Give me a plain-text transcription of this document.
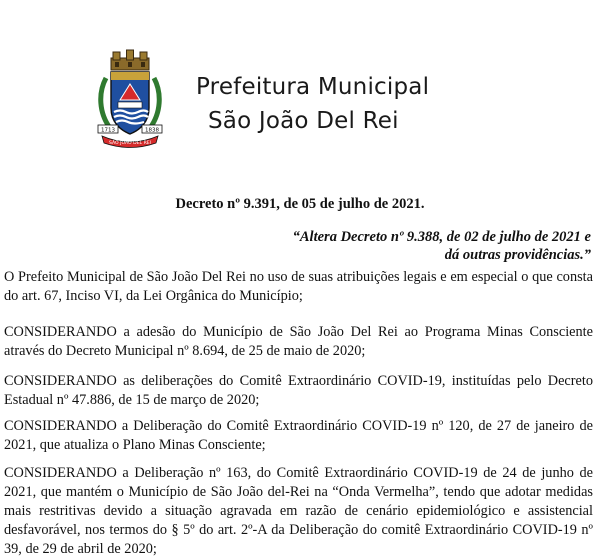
1713	1838
SÃO JOÃO DEL REI
Prefeitura Municipal
São João Del Rei
Decreto nº 9.391, de 05 de julho de 2021.
“Altera Decreto nº 9.388, de 02 de julho de 2021 e dá outras providências.”
O Prefeito Municipal de São João Del Rei no uso de suas atribuições legais e em especial o que consta do art. 67, Inciso VI, da Lei Orgânica do Município;
CONSIDERANDO a adesão do Município de São João Del Rei ao Programa Minas Consciente através do Decreto Municipal nº 8.694, de 25 de maio de 2020;
CONSIDERANDO as deliberações do Comitê Extraordinário COVID-19, instituídas pelo Decreto Estadual nº 47.886, de 15 de março de 2020;
CONSIDERANDO a Deliberação do Comitê Extraordinário COVID-19 nº 120, de 27 de janeiro de 2021, que atualiza o Plano Minas Consciente;
CONSIDERANDO a Deliberação nº 163, do Comitê Extraordinário COVID-19 de 24 de junho de 2021, que mantém o Município de São João del-Rei na “Onda Vermelha”, tendo que adotar medidas mais restritivas devido a situação agravada em razão de cenário epidemiológico e assistencial desfavorável, nos termos do § 5º do art. 2º-A da Deliberação do comitê Extraordinário COVID-19 nº 39, de 29 de abril de 2020;
